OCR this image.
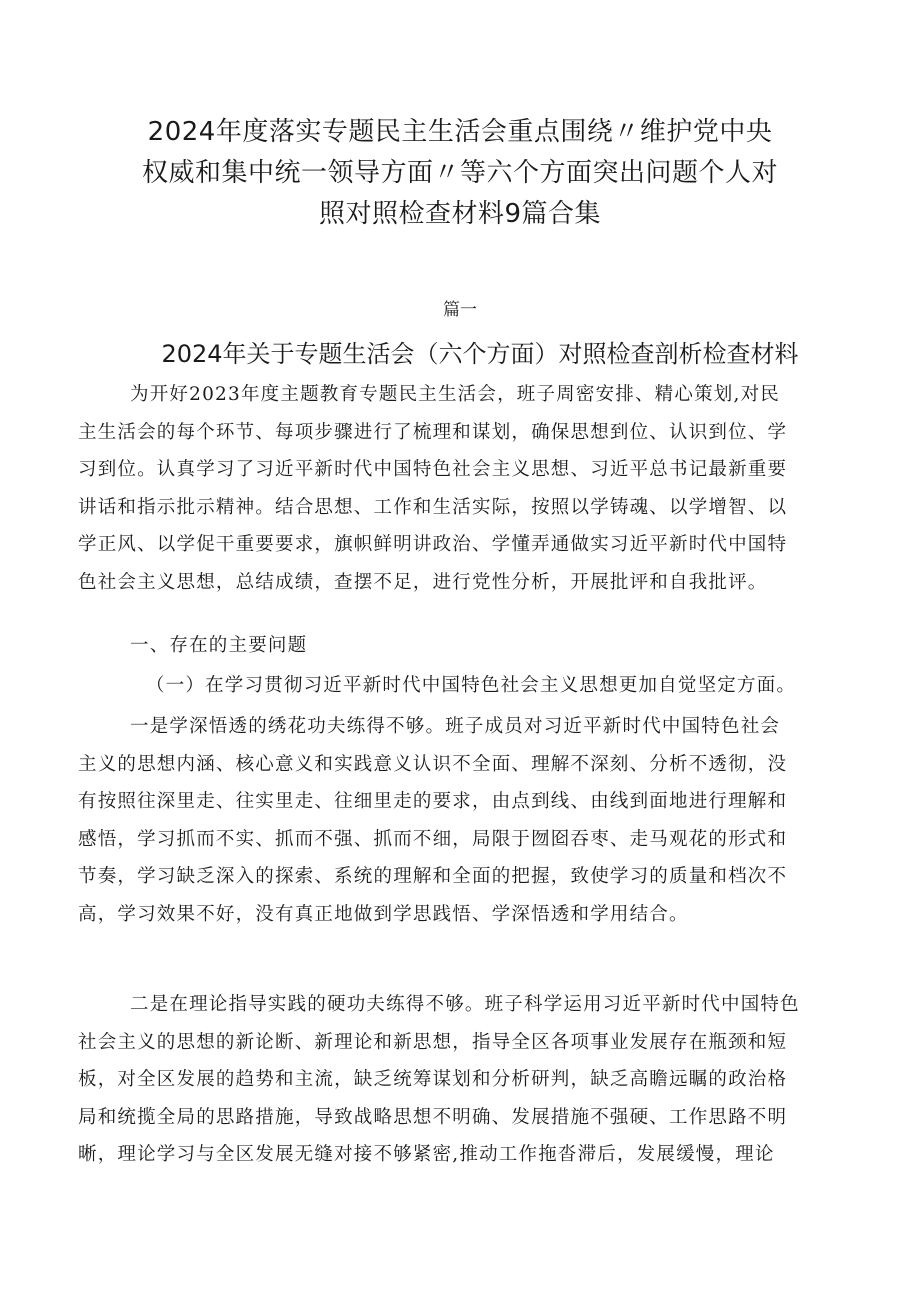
2024年度落实专题民主生活会重点围绕〃维护党中央
权威和集中统一领导方面〃等六个方面突出问题个人对
照对照检查材料9篇合集

篇一

2024年关于专题生活会（六个方面）对照检查剖析检查材料
为开好2023年度主题教育专题民主生活会，班子周密安排、精心策划,对民
主生活会的每个环节、每项步骤进行了梳理和谋划，确保思想到位、认识到位、学
习到位。认真学习了习近平新时代中国特色社会主义思想、习近平总书记最新重要
讲话和指示批示精神。结合思想、工作和生活实际，按照以学铸魂、以学增智、以
学正风、以学促干重要要求，旗帜鲜明讲政治、学懂弄通做实习近平新时代中国特
色社会主义思想，总结成绩，查摆不足，进行党性分析，开展批评和自我批评。
一、存在的主要问题
（一）在学习贯彻习近平新时代中国特色社会主义思想更加自觉坚定方面。
一是学深悟透的绣花功夫练得不够。班子成员对习近平新时代中国特色社会
主义的思想内涵、核心意义和实践意义认识不全面、理解不深刻、分析不透彻，没
有按照往深里走、往实里走、往细里走的要求，由点到线、由线到面地进行理解和
感悟，学习抓而不实、抓而不强、抓而不细，局限于囫囵吞枣、走马观花的形式和
节奏，学习缺乏深入的探索、系统的理解和全面的把握，致使学习的质量和档次不
高，学习效果不好，没有真正地做到学思践悟、学深悟透和学用结合。
二是在理论指导实践的硬功夫练得不够。班子科学运用习近平新时代中国特色
社会主义的思想的新论断、新理论和新思想，指导全区各项事业发展存在瓶颈和短
板，对全区发展的趋势和主流，缺乏统筹谋划和分析研判，缺乏高瞻远瞩的政治格
局和统揽全局的思路措施，导致战略思想不明确、发展措施不强硬、工作思路不明
晰，理论学习与全区发展无缝对接不够紧密,推动工作拖沓滞后，发展缓慢，理论
